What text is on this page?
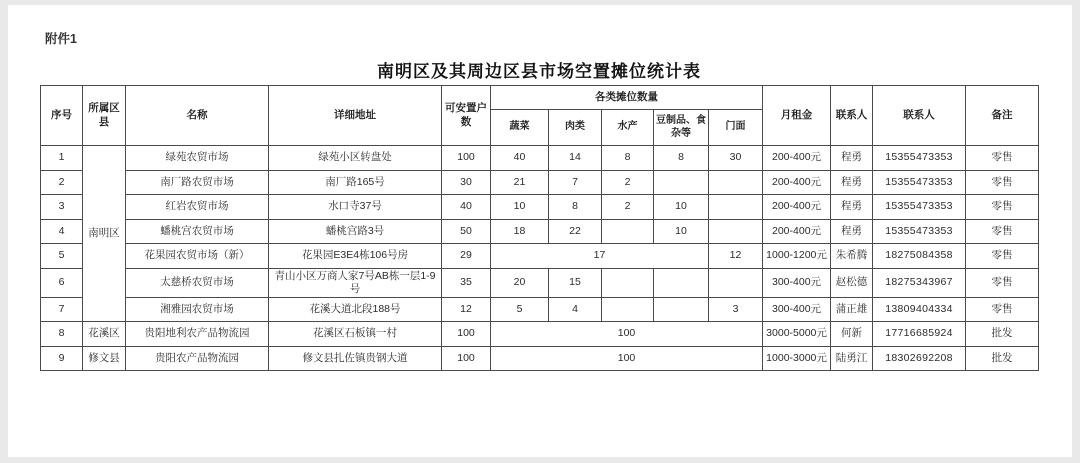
附件1
南明区及其周边区县市场空置摊位统计表
序号	所属区县	名称	详细地址	可安置户数	各类摊位数量					月租金	联系人	联系人	备注
					蔬菜	肉类	水产	豆制品、食杂等	门面				
1	南明区	绿苑农贸市场	绿苑小区转盘处	100	40	14	8	8	30	200-400元	程勇	15355473353	零售
2		南厂路农贸市场	南厂路165号	30	21	7	2			200-400元	程勇	15355473353	零售
3		红岩农贸市场	水口寺37号	40	10	8	2	10		200-400元	程勇	15355473353	零售
4		蟠桃宫农贸市场	蟠桃宫路3号	50	18	22		10		200-400元	程勇	15355473353	零售
5		花果园农贸市场（新）	花果园E3E4栋106号房	29	17				12	1000-1200元	朱希腾	18275084358	零售
6		太慈桥农贸市场	青山小区万商人家7号AB栋一层1-9号	35	20	15				300-400元	赵松德	18275343967	零售
7		湘雅园农贸市场	花溪大道北段188号	12	5	4			3	300-400元	蒲正雄	13809404334	零售
8	花溪区	贵阳地利农产品物流园	花溪区石板镇一村	100	100					3000-5000元	何新	17716685924	批发
9	修文县	贵阳农产品物流园	修文县扎佐镇贵钢大道	100	100					1000-3000元	陆勇江	18302692208	批发
